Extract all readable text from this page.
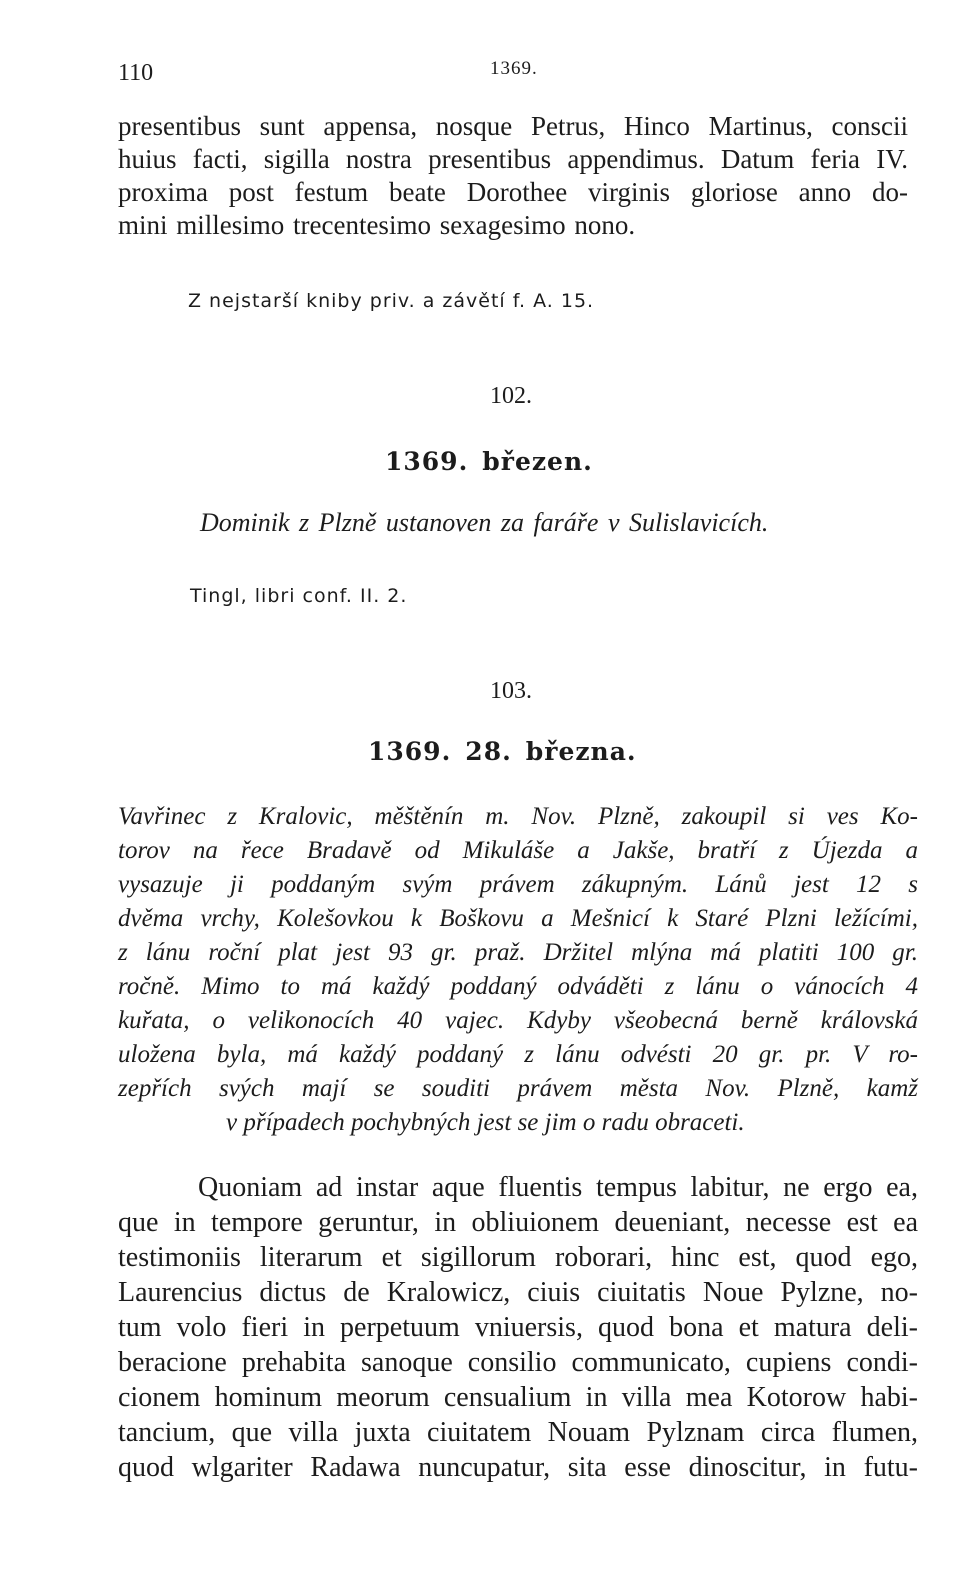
110	1369.
presentibus sunt appensa, nosque Petrus, Hinco Martinus, conscii
huius facti, sigilla nostra presentibus appendimus. Datum feria IV.
proxima post festum beate Dorothee virginis gloriose anno do-
mini millesimo trecentesimo sexagesimo nono.
Z nejstarší kniby priv. a závětí f. A. 15.
102.
1369. březen.
Dominik z Plzně ustanoven za faráře v Sulislavicích.
Tingl, libri conf. II. 2.
103.
1369. 28. března.
Vavřinec z Kralovic, měštěnín m. Nov. Plzně, zakoupil si ves Ko-
torov na řece Bradavě od Mikuláše a Jakše, bratří z Újezda a
vysazuje ji poddaným svým právem zákupným. Lánů jest 12 s
dvěma vrchy, Kolešovkou k Boškovu a Mešnicí k Staré Plzni ležícími,
z lánu roční plat jest 93 gr. praž. Držitel mlýna má platiti 100 gr.
ročně. Mimo to má každý poddaný odváděti z lánu o vánocích 4
kuřata, o velikonocích 40 vajec. Kdyby všeobecná berně královská
uložena byla, má každý poddaný z lánu odvésti 20 gr. pr. V ro-
zepřích svých mají se souditi právem města Nov. Plzně, kamž
v případech pochybných jest se jim o radu obraceti.
Quoniam ad instar aque fluentis tempus labitur, ne ergo ea,
que in tempore geruntur, in obliuionem deueniant, necesse est ea
testimoniis literarum et sigillorum roborari, hinc est, quod ego,
Laurencius dictus de Kralowicz, ciuis ciuitatis Noue Pylzne, no-
tum volo fieri in perpetuum vniuersis, quod bona et matura deli-
beracione prehabita sanoque consilio communicato, cupiens condi-
cionem hominum meorum censualium in villa mea Kotorow habi-
tancium, que villa juxta ciuitatem Nouam Pylznam circa flumen,
quod wlgariter Radawa nuncupatur, sita esse dinoscitur, in futu-
